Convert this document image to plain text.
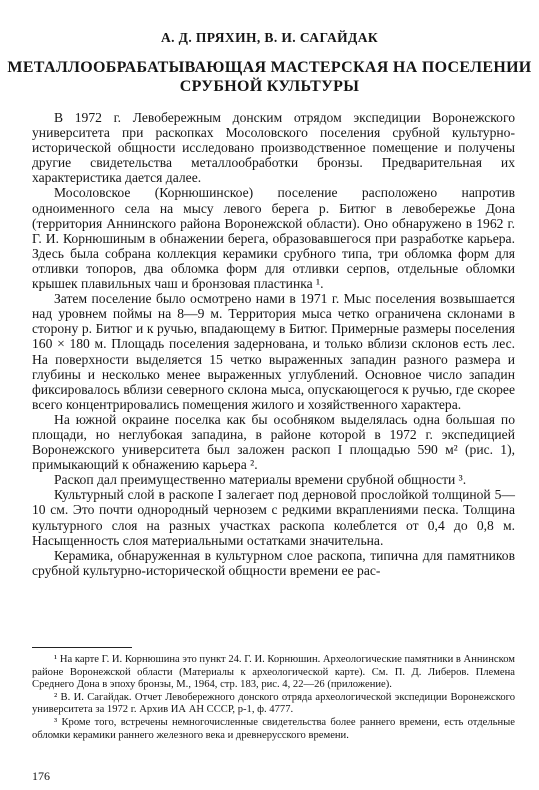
А. Д. ПРЯХИН, В. И. САГАЙДАК
МЕТАЛЛООБРАБАТЫВАЮЩАЯ МАСТЕРСКАЯ НА ПОСЕЛЕНИИ
СРУБНОЙ КУЛЬТУРЫ

В 1972 г. Левобережным донским отрядом экспедиции Воронежского университета при раскопках Мосоловского поселения срубной культурно-исторической общности исследовано производственное помещение и получены другие свидетельства металлообработки бронзы. Предварительная их характеристика дается далее.

Мосоловское (Корнюшинское) поселение расположено напротив одноименного села на мысу левого берега р. Битюг в левобережье Дона (территория Аннинского района Воронежской области). Оно обнаружено в 1962 г. Г. И. Корнюшиным в обнажении берега, образовавшегося при разработке карьера. Здесь была собрана коллекция керамики срубного типа, три обломка форм для отливки топоров, два обломка форм для отливки серпов, отдельные обломки крышек плавильных чаш и бронзовая пластинка ¹.

Затем поселение было осмотрено нами в 1971 г. Мыс поселения возвышается над уровнем поймы на 8—9 м. Территория мыса четко ограничена склонами в сторону р. Битюг и к ручью, впадающему в Битюг. Примерные размеры поселения 160 × 180 м. Площадь поселения задернована, и только вблизи склонов есть лес. На поверхности выделяется 15 четко выраженных западин разного размера и глубины и несколько менее выраженных углублений. Основное число западин фиксировалось вблизи северного склона мыса, опускающегося к ручью, где скорее всего концентрировались помещения жилого и хозяйственного характера.

На южной окраине поселка как бы особняком выделялась одна большая по площади, но неглубокая западина, в районе которой в 1972 г. экспедицией Воронежского университета был заложен раскоп I площадью 590 м² (рис. 1), примыкающий к обнажению карьера ².

Раскоп дал преимущественно материалы времени срубной общности ³.

Культурный слой в раскопе I залегает под дерновой прослойкой толщиной 5—10 см. Это почти однородный чернозем с редкими вкраплениями песка. Толщина культурного слоя на разных участках раскопа колеблется от 0,4 до 0,8 м. Насыщенность слоя материальными остатками значительна.

Керамика, обнаруженная в культурном слое раскопа, типична для памятников срубной культурно-исторической общности времени ее рас-

¹ На карте Г. И. Корнюшина это пункт 24. Г. И. Корнюшин. Археологические памятники в Аннинском районе Воронежской области (Материалы к археологической карте). См. П. Д. Либеров. Племена Среднего Дона в эпоху бронзы, М., 1964, стр. 183, рис. 4, 22—26 (приложение).

² В. И. Сагайдак. Отчет Левобережного донского отряда археологической экспедиции Воронежского университета за 1972 г. Архив ИА АН СССР, р-1, ф. 4777.

³ Кроме того, встречены немногочисленные свидетельства более раннего времени, есть отдельные обломки керамики раннего железного века и древнерусского времени.

176
